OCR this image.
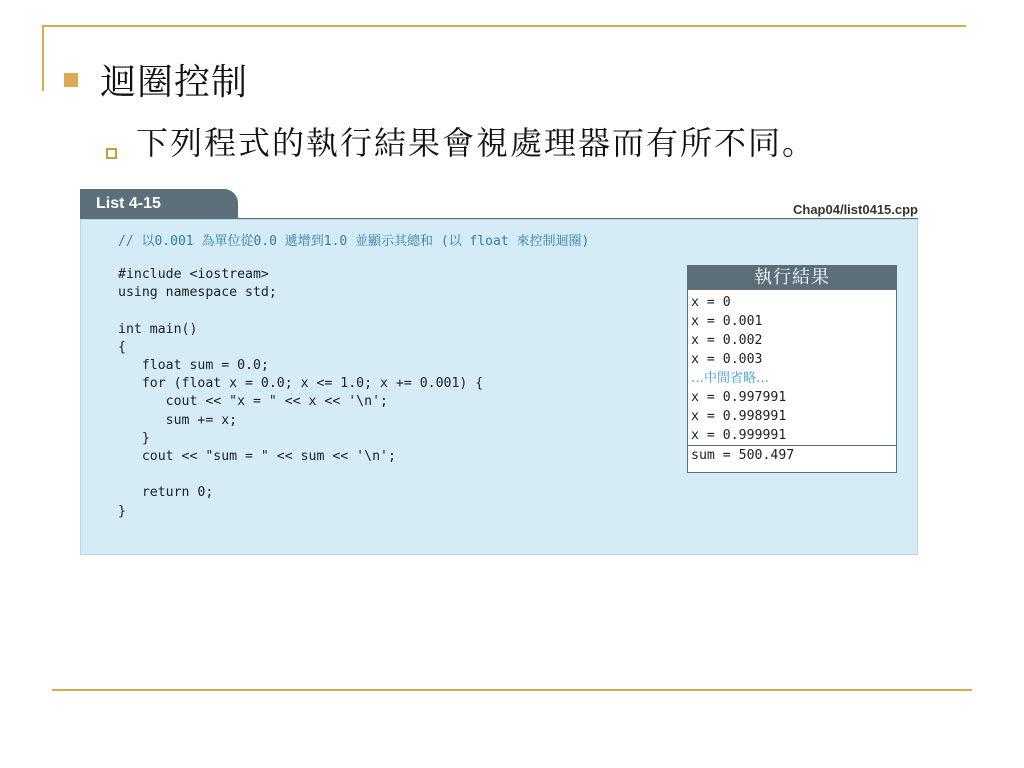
迴圈控制
下列程式的執行結果會視處理器而有所不同。
List 4-15	Chap04/list0415.cpp
// 以0.001 為單位從0.0 遞增到1.0 並顯示其總和 (以 float 來控制迴圈)
#include <iostream>
using namespace std;

int main()
{
float sum = 0.0;
for (float x = 0.0; x <= 1.0; x += 0.001) {
cout << "x = " << x << '\n';
sum += x;
}
cout << "sum = " << sum << '\n';

return 0;
}
執行結果
x = 0
x = 0.001
x = 0.002
x = 0.003
…中間省略…
x = 0.997991
x = 0.998991
x = 0.999991
sum = 500.497
